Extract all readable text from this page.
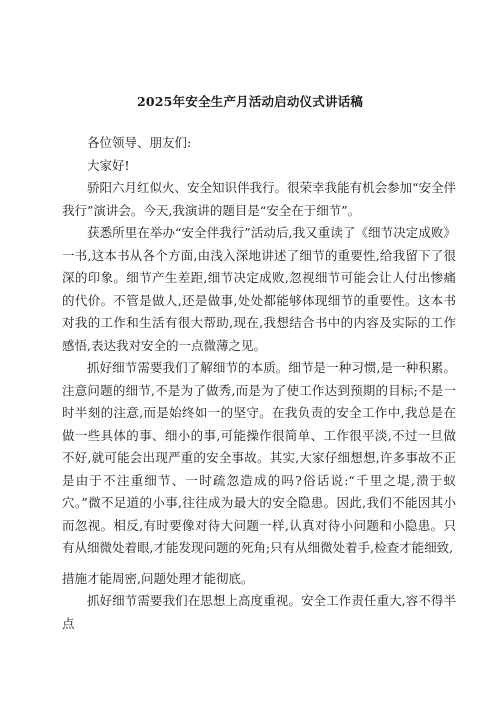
2025年安全生产月活动启动仪式讲话稿

各位领导、朋友们:

大家好!

骄阳六月红似火、安全知识伴我行。很荣幸我能有机会参加“安全伴我行”演讲会。今天,我演讲的题目是“安全在于细节”。

获悉所里在举办“安全伴我行”活动后,我又重读了《细节决定成败》一书,这本书从各个方面,由浅入深地讲述了细节的重要性,给我留下了很深的印象。细节产生差距,细节决定成败,忽视细节可能会让人付出惨痛的代价。不管是做人,还是做事,处处都能够体现细节的重要性。这本书对我的工作和生活有很大帮助,现在,我想结合书中的内容及实际的工作感悟,表达我对安全的一点微薄之见。

抓好细节需要我们了解细节的本质。细节是一种习惯,是一种积累。注意问题的细节,不是为了做秀,而是为了使工作达到预期的目标;不是一时半刻的注意,而是始终如一的坚守。在我负责的安全工作中,我总是在做一些具体的事、细小的事,可能操作很简单、工作很平淡,不过一旦做不好,就可能会出现严重的安全事故。其实,大家仔细想想,许多事故不正是由于不注重细节、一时疏忽造成的吗?俗话说:“千里之堤,溃于蚁穴。”微不足道的小事,往往成为最大的安全隐患。因此,我们不能因其小而忽视。相反,有时要像对待大问题一样,认真对待小问题和小隐患。只有从细微处着眼,才能发现问题的死角;只有从细微处着手,检查才能细致,

措施才能周密,问题处理才能彻底。

抓好细节需要我们在思想上高度重视。安全工作责任重大,容不得半点
